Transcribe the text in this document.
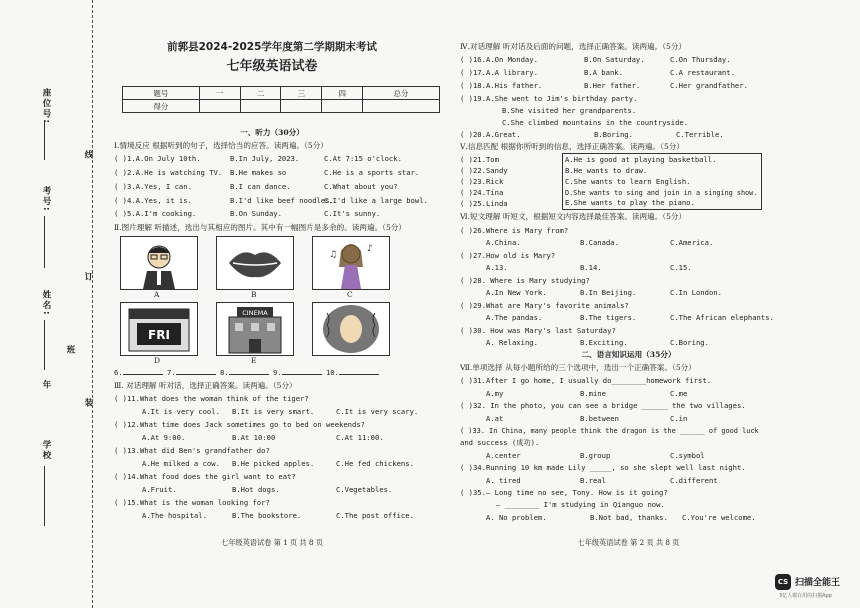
座位号:
考号:
线
姓名:
订
年
班
装
学校
前郭县2024-2025学年度第二学期期末考试
七年级英语试卷
题号	一	二	三	四	总分
得分					
一、听力（30分）
Ⅰ.情境反应 根据听到的句子，选择恰当的应答。读两遍。（5分）
( )1.A.On July 10th.	B.In July, 2023.	C.At 7:15 o'clock.
( )2.A.He is watching TV. B.He makes so	C.He is a sports star.
( )3.A.Yes, I can.	B.I can dance.	C.What about you?
( )4.A.Yes, it is.	B.I'd like beef noodles.
C.I'd like a large bowl.
( )5.A.I'm cooking.	B.On Sunday.	C.It's sunny.
Ⅱ.图片理解 听描述，选出与其相应的图片。其中有一幅图片是多余的。读两遍。（5分）
♪
♫
FRI
CINEMA
A	B	C
D	E
6.	7.	8.	9.	10.
Ⅲ. 对话理解 听对话，选择正确答案。读两遍。（5分）
( )11.What does the woman think of the tiger?
A.It is very cool. B.It is very smart.	C.It is very scary.
( )12.What time does Jack sometimes go to bed on weekends?
A.At 9:00.	B.At 10:00	C.At 11:00.
( )13.What did Ben's grandfather do?
A.He milked a cow. B.He picked apples.	C.He fed chickens.
( )14.What food does the girl want to eat?
A.Fruit.	B.Hot dogs.	C.Vegetables.
( )15.What is the woman looking for?
A.The hospital.	B.The bookstore.	C.The post office.
七年级英语试卷 第 1 页 共 8 页
Ⅳ.对话理解 听对话及后面的问题，选择正确答案。读两遍。（5分）
( )16.A.On Monday.	B.On Saturday.	C.On Thursday.
( )17.A.A library.	B.A bank.	C.A restaurant.
( )18.A.His father.	B.Her father.	C.Her grandfather.
( )19.A.She went to Jim's birthday party.
B.She visited her grandparents.
C.She climbed mountains in the countryside.
( )20.A.Great.	B.Boring.	C.Terrible.
Ⅴ.信息匹配 根据你所听到的信息，选择正确答案。读两遍。（5分）
( )21.Tom
( )22.Sandy
( )23.Rick
( )24.Tina
( )25.Linda
A.He is good at playing basketball.
B.He wants to draw.
C.She wants to learn English.
D.She wants to sing and join in a singing show.
E.She wants to play the piano.
Ⅵ.短文理解 听短文，根据短文内容选择最佳答案。读两遍。（5分）
( )26.Where is Mary from?
A.China.	B.Canada.	C.America.
( )27.How old is Mary?
A.13.	B.14.	C.15.
( )28. Where is Mary studying?
A.In New York.	B.In Beijing.	C.In London.
( )29.What are Mary's favorite animals?
A.The pandas.	B.The tigers.	C.The African elephants.
( )30. How was Mary's last Saturday?
A. Relaxing.	B.Exciting.	C.Boring.
二、语言知识运用（35分）
Ⅶ.单项选择 从每小题所给的三个选项中，选出一个正确答案。（5分）
( )31.After I go home, I usually do________homework first.
A.my	B.mine	C.me
( )32. In the photo, you can see a bridge ______ the two villages.
A.at	B.between	C.in
( )33. In China, many people think the dragon is the ______ of good luck
and success (成功).
A.center	B.group	C.symbol
( )34.Running 10 km made Lily _____, so she slept well last night.
A. tired	B.real	C.different
( )35.— Long time no see, Tony. How is it going?
— ________ I'm studying in Qianguo now.
A. No problem.	B.Not bad, thanks. C.You're welcome.
七年级英语试卷 第 2 页 共 8 页
CS 扫描全能王
3亿人都在用的扫描App
